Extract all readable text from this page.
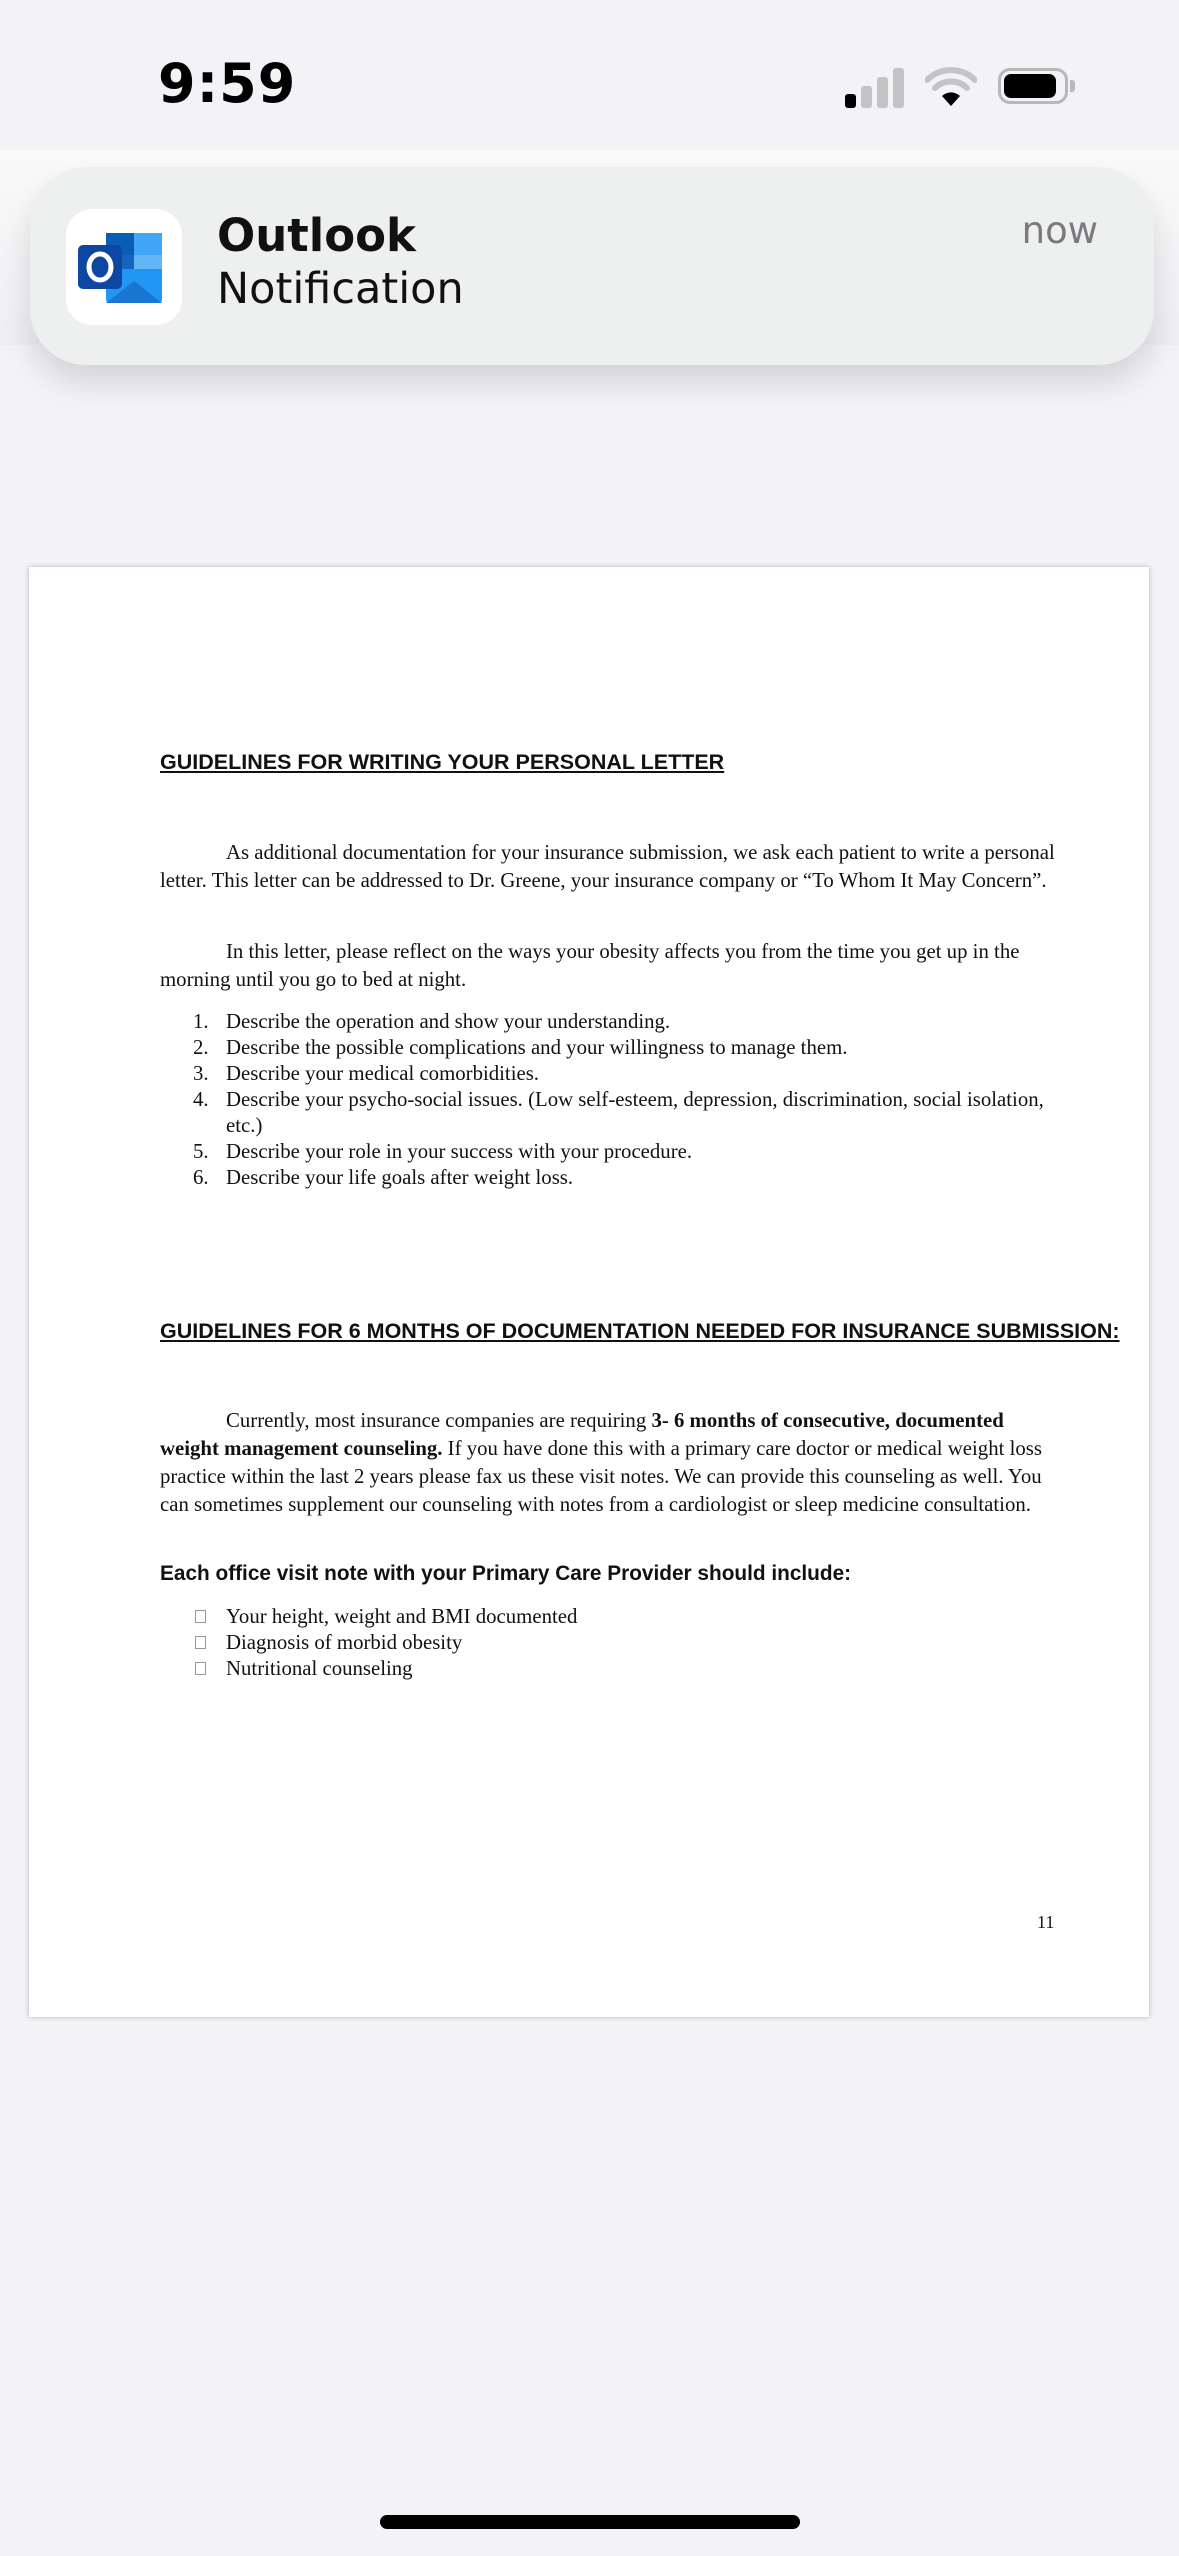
9:59
Outlook
Notification
now

GUIDELINES FOR WRITING YOUR PERSONAL LETTER

As additional documentation for your insurance submission, we ask each patient to write a personal letter. This letter can be addressed to Dr. Greene, your insurance company or “To Whom It May Concern”.

In this letter, please reflect on the ways your obesity affects you from the time you get up in the morning until you go to bed at night.

1. Describe the operation and show your understanding.
2. Describe the possible complications and your willingness to manage them.
3. Describe your medical comorbidities.
4. Describe your psycho-social issues. (Low self-esteem, depression, discrimination, social isolation, etc.)
5. Describe your role in your success with your procedure.
6. Describe your life goals after weight loss.

GUIDELINES FOR 6 MONTHS OF DOCUMENTATION NEEDED FOR INSURANCE SUBMISSION:

Currently, most insurance companies are requiring 3- 6 months of consecutive, documented weight management counseling. If you have done this with a primary care doctor or medical weight loss practice within the last 2 years please fax us these visit notes. We can provide this counseling as well. You can sometimes supplement our counseling with notes from a cardiologist or sleep medicine consultation.

Each office visit note with your Primary Care Provider should include:

Your height, weight and BMI documented
Diagnosis of morbid obesity
Nutritional counseling
11
